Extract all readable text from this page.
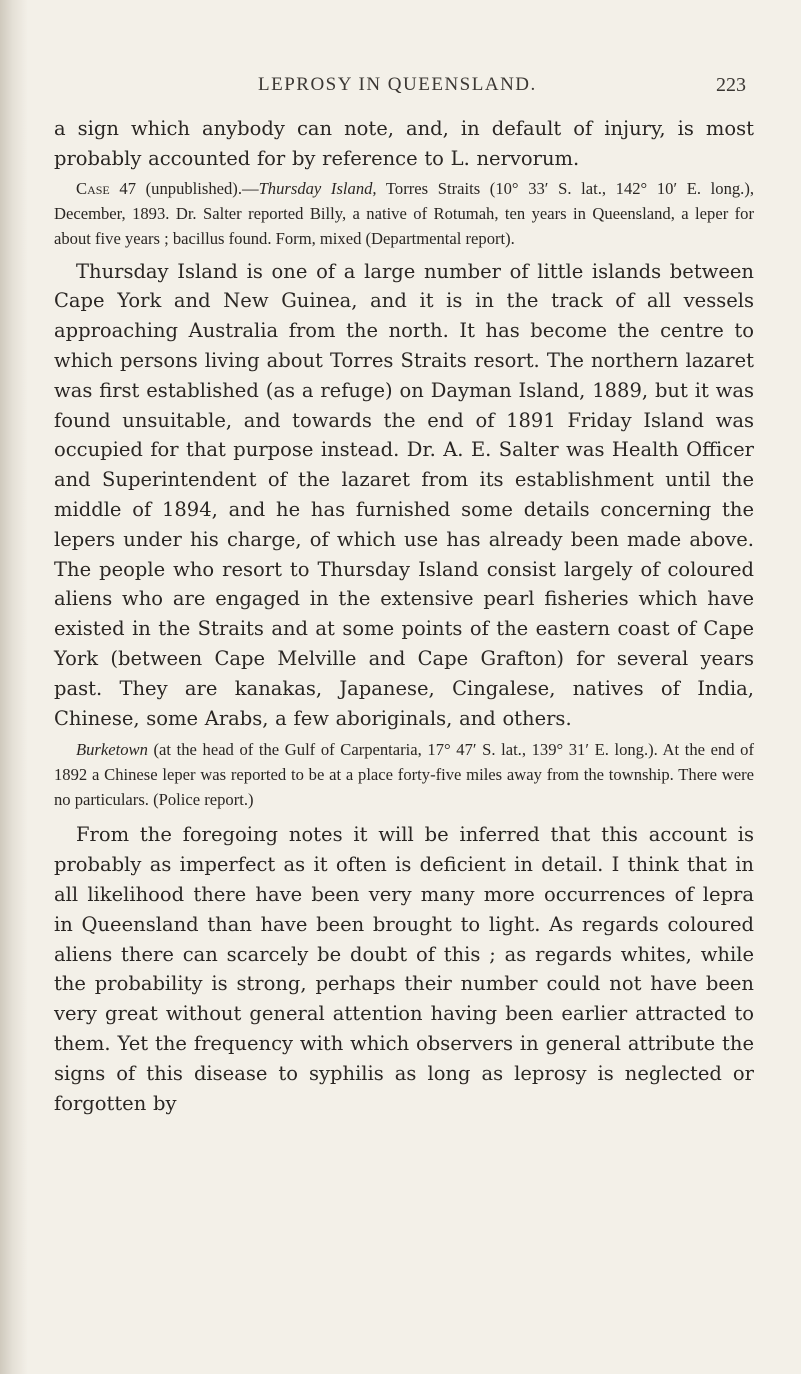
LEPROSY IN QUEENSLAND.	223

a sign which anybody can note, and, in default of injury, is most probably accounted for by reference to L. nervorum.

Case 47 (unpublished).—Thursday Island, Torres Straits (10° 33′ S. lat., 142° 10′ E. long.), December, 1893. Dr. Salter reported Billy, a native of Rotumah, ten years in Queensland, a leper for about five years ; bacillus found. Form, mixed (Departmental report).

Thursday Island is one of a large number of little islands between Cape York and New Guinea, and it is in the track of all vessels approaching Australia from the north. It has become the centre to which persons living about Torres Straits resort. The northern lazaret was first established (as a refuge) on Dayman Island, 1889, but it was found unsuitable, and towards the end of 1891 Friday Island was occupied for that purpose instead. Dr. A. E. Salter was Health Officer and Superintendent of the lazaret from its establishment until the middle of 1894, and he has furnished some details concerning the lepers under his charge, of which use has already been made above. The people who resort to Thursday Island consist largely of coloured aliens who are engaged in the extensive pearl fisheries which have existed in the Straits and at some points of the eastern coast of Cape York (between Cape Melville and Cape Grafton) for several years past. They are kanakas, Japanese, Cingalese, natives of India, Chinese, some Arabs, a few aboriginals, and others.

Burketown (at the head of the Gulf of Carpentaria, 17° 47′ S. lat., 139° 31′ E. long.). At the end of 1892 a Chinese leper was reported to be at a place forty-five miles away from the township. There were no particulars. (Police report.)

From the foregoing notes it will be inferred that this account is probably as imperfect as it often is deficient in detail. I think that in all likelihood there have been very many more occurrences of lepra in Queensland than have been brought to light. As regards coloured aliens there can scarcely be doubt of this ; as regards whites, while the probability is strong, perhaps their number could not have been very great without general attention having been earlier attracted to them. Yet the frequency with which observers in general attribute the signs of this disease to syphilis as long as leprosy is neglected or forgotten by
